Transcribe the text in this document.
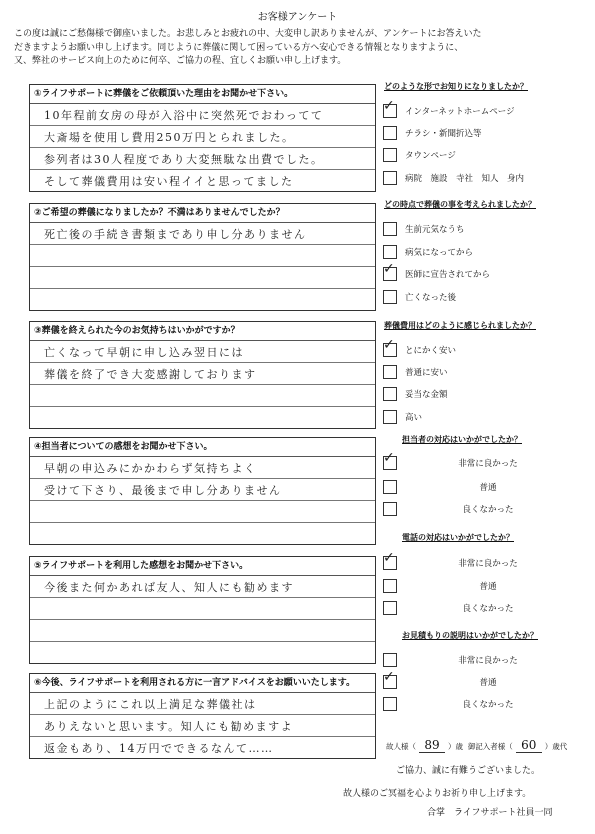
お客様アンケート
この度は誠にご愁傷様で御座いました。お悲しみとお疲れの中、大変申し訳ありませんが、アンケートにお答えいた
だきますようお願い申し上げます。同じように葬儀に関して困っている方へ安心できる情報となりますように、
又、弊社のサービス向上のために何卒、ご協力の程、宜しくお願い申し上げます。
①ライフサポートに葬儀をご依頼頂いた理由をお聞かせ下さい。
10年程前女房の母が入浴中に突然死でおわってて
大斎場を使用し費用250万円とられました。
参列者は30人程度であり大変無駄な出費でした。
そして葬儀費用は安い程イイと思ってました
②ご希望の葬儀になりましたか？不満はありませんでしたか？
死亡後の手続き書類まであり申し分ありません
③葬儀を終えられた今のお気持ちはいかがですか？
亡くなって早朝に申し込み翌日には
葬儀を終了でき大変感謝しております
④担当者についての感想をお聞かせ下さい。
早朝の申込みにかかわらず気持ちよく
受けて下さり、最後まで申し分ありません
⑤ライフサポートを利用した感想をお聞かせ下さい。
今後また何かあれば友人、知人にも勧めます
⑥今後、ライフサポートを利用される方に一言アドバイスをお願いいたします。
上記のようにこれ以上満足な葬儀社は
ありえないと思います。知人にも勧めますよ
返金もあり、14万円でできるなんて……
どのような形でお知りになりましたか？
✓ インターネットホームページ
チラシ・新聞折込等
タウンページ
病院　施設　寺社　知人　身内
どの時点で葬儀の事を考えられましたか？
生前元気なうち
病気になってから
✓ 医師に宣告されてから
亡くなった後
葬儀費用はどのように感じられましたか？
✓ とにかく安い
普通に安い
妥当な金額
高い
担当者の対応はいかがでしたか？
✓	非常に良かった
普通
良くなかった
電話の対応はいかがでしたか？
✓	非常に良かった
普通
良くなかった
お見積もりの説明はいかがでしたか？
非常に良かった
✓	普通
良くなかった
故人様（ 89 ）歳 御記入者様（ 60 ）歳代
ご協力、誠に有難うございました。
故人様のご冥福を心よりお祈り申し上げます。
合掌　ライフサポート社員一同
